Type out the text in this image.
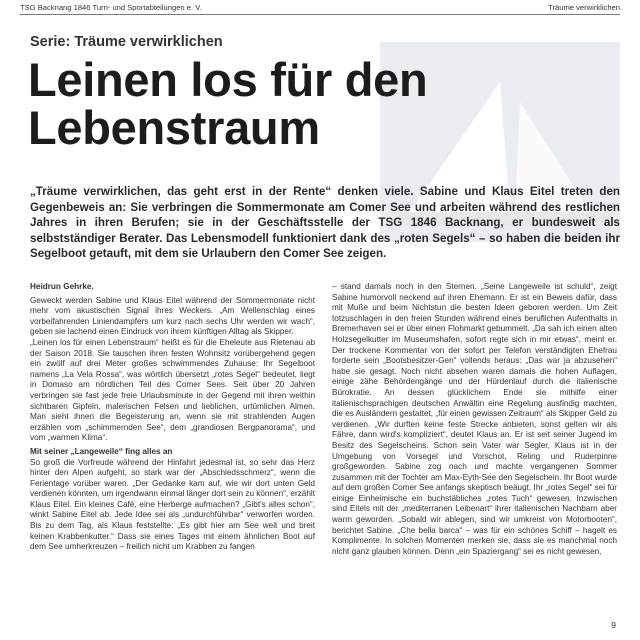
TSG Backnang 1846 Turn- und Sportabteilungen e. V.	Träume verwirklichen
Serie: Träume verwirklichen
Leinen los für den
Lebenstraum

„Träume verwirklichen, das geht erst in der Rente“ denken viele. Sabine und Klaus Eitel treten den Gegenbeweis an: Sie verbringen die Sommermonate am Comer See und arbeiten während des restlichen Jahres in ihren Berufen; sie in der Geschäftsstelle der TSG 1846 Backnang, er bundesweit als selbstständiger Berater. Das Lebensmodell funktioniert dank des „roten Segels“ – so haben die beiden ihr Segelboot getauft, mit dem sie Urlaubern den Comer See zeigen.

Heidrun Gehrke.

Geweckt werden Sabine und Klaus Eitel während der Sommermonate nicht mehr vom akustischen Signal ihres Weckers. „Am Wellenschlag eines vorbeifahrenden Liniendampfers um kurz nach sechs Uhr werden wir wach“, geben sie lachend einen Eindruck von ihrem künftigen Alltag als Skipper.

„Leinen los für einen Lebenstraum“ heißt es für die Eheleute aus Rietenau ab der Saison 2018. Sie tauschen ihren festen Wohnsitz vorübergehend gegen ein zwölf auf drei Meter großes schwimmendes Zuhause: Ihr Segelboot namens „La Vela Rossa“, was wörtlich übersetzt „rotes Segel“ bedeutet, liegt in Domaso am nördlichen Teil des Comer Sees. Seit über 20 Jahren verbringen sie fast jede freie Urlaubsminute in der Gegend mit ihren weithin sichtbaren Gipfeln, malerischen Felsen und lieblichen, urtümlichen Almen. Man sieht ihnen die Begeisterung an, wenn sie mit strahlenden Augen erzählen vom „schimmernden See“, dem „grandiosen Bergpanorama“, und vom „warmen Klima“.

Mit seiner „Langeweile“ fing alles an

So groß die Vorfreude während der Hinfahrt jedesmal ist, so sehr das Herz hinter den Alpen aufgeht, so stark war der „Abschiedsschmerz“, wenn die Ferientage vorüber waren. „Der Gedanke kam auf, wie wir dort unten Geld verdienen könnten, um irgendwann einmal länger dort sein zu können“, erzählt Klaus Eitel. Ein kleines Café, eine Herberge aufmachen? „Gibt's alles schon“, winkt Sabine Eitel ab. Jede Idee sei als „undurchführbar“ verworfen worden. Bis zu dem Tag, als Klaus feststellte: „Es gibt hier am See weit und breit keinen Krabbenkutter.“ Dass sie eines Tages mit einem ähnlichen Boot auf dem See umherkreuzen – freilich nicht um Krabben zu fangen

– stand damals noch in den Sternen. „Seine Langeweile ist schuld“, zeigt Sabine humorvoll neckend auf ihren Ehemann. Er ist ein Beweis dafür, dass mit Muße und beim Nichtstun die besten Ideen geboren werden. Um Zeit totzuschlagen in den freien Stunden während eines beruflichen Aufenthalts in Bremerhaven sei er über einen Flohmarkt gebummelt. „Da sah ich einen alten Holzsegelkutter im Museumshafen, sofort regte sich in mir etwas“, meint er. Der trockene Kommentar von der sofort per Telefon verständigten Ehefrau forderte sein „Bootsbesitzer-Gen“ vollends heraus: „Das war ja abzusehen“ habe sie gesagt. Noch nicht absehen waren damals die hohen Auflagen, einige zähe Behördengänge und der Hürdenlauf durch die italienische Bürokratie. An dessen glücklichem Ende sie mithilfe einer italienischsprachigen deutschen Anwältin eine Regelung ausfindig machten, die es Ausländern gestattet, „für einen gewissen Zeitraum“ als Skipper Geld zu verdienen. „Wir durften keine feste Strecke anbieten, sonst gelten wir als Fähre, dann wird's kompliziert“, deutet Klaus an. Er ist seit seiner Jugend im Besitz des Segelscheins. Schon sein Vater war Segler, Klaus ist in der Umgebung von Vorsegel und Vorschot, Reling und Ruderpinne großgeworden. Sabine zog nach und machte vergangenen Sommer zusammen mit der Tochter am Max-Eyth-See den Segelschein. Ihr Boot wurde auf dem großen Comer See anfangs skeptisch beäugt. Ihr „rotes Segel“ sei für einige Einheimische ein buchstäbliches „rotes Tuch“ gewesen. Inzwischen sind Eitels mit der „mediterranen Leibenart“ ihrer italienischen Nachbarn aber warm geworden. „Sobald wir ablegen, sind wir umkreist von Motorbooten“, berichtet Sabine. „Che bella barca“ – was für ein schönes Schiff – hagelt es Komplimente. In solchen Momenten merken sie, dass sie es manchmal noch nicht ganz glauben können. Denn „ein Spaziergang“ sei es nicht gewesen,

9
